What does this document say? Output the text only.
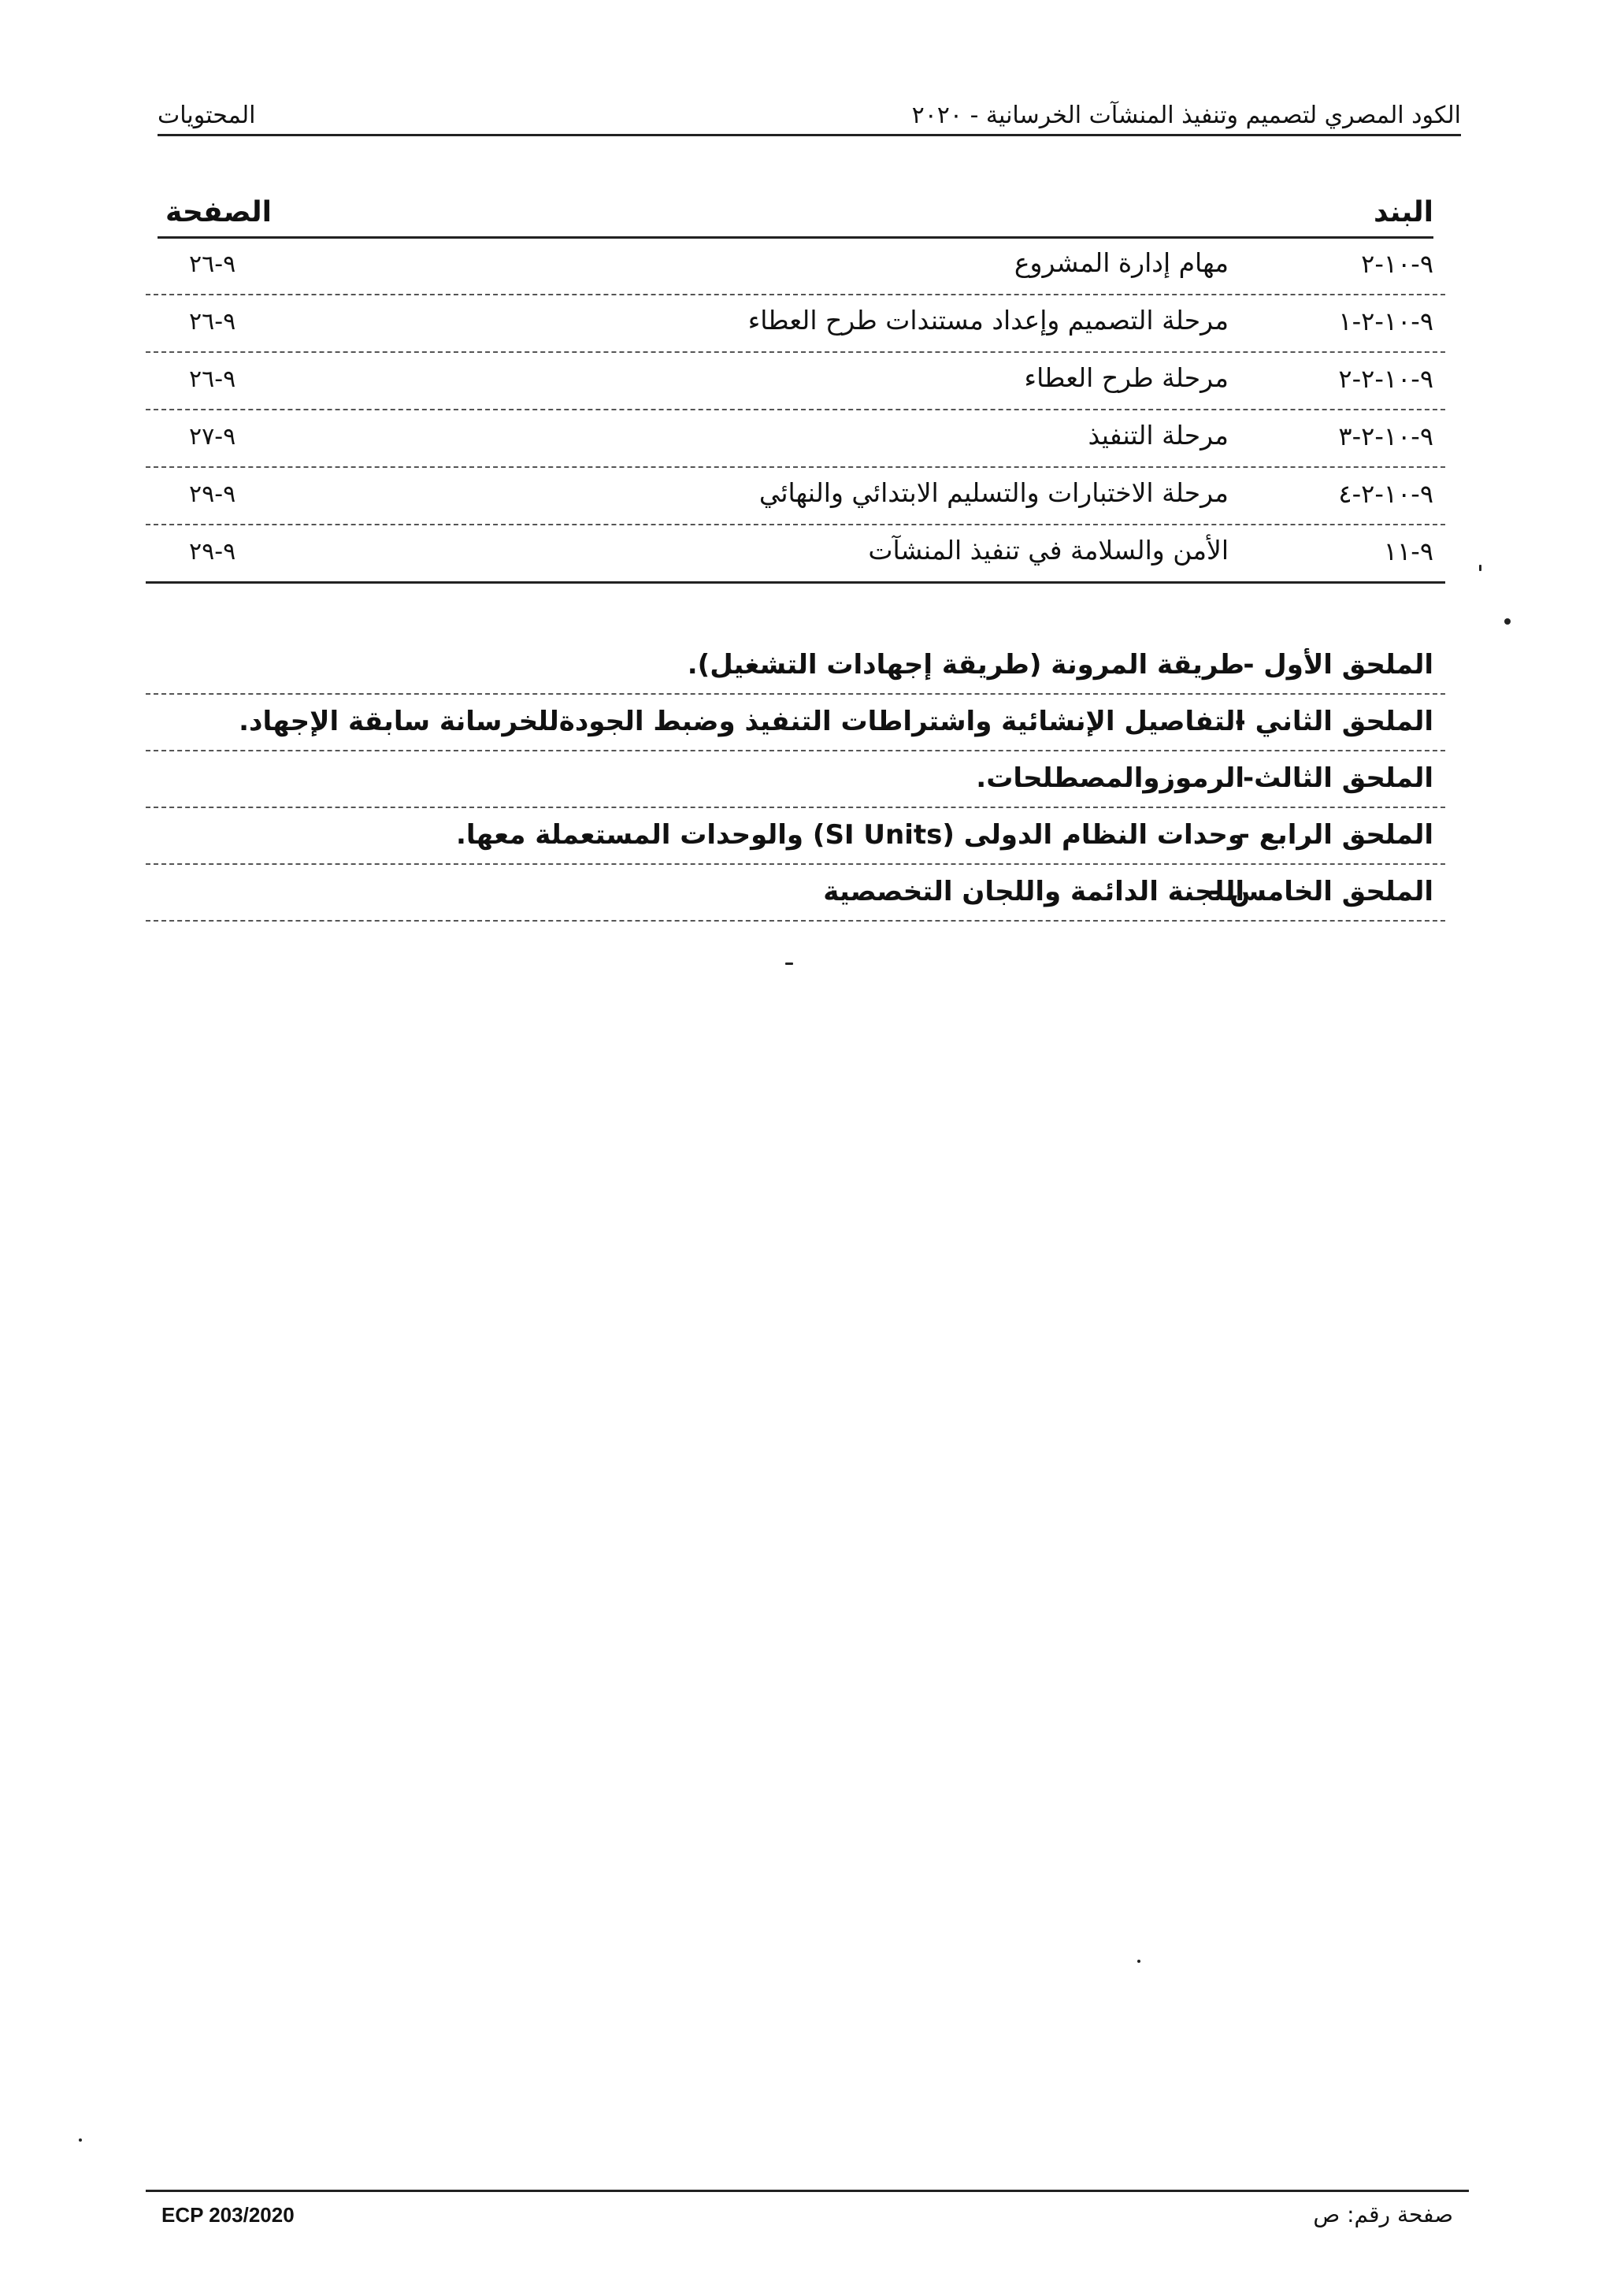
الكود المصري لتصميم وتنفيذ المنشآت الخرسانية - ٢٠٢٠
المحتويات
البند
الصفحة
٩-١٠-٢
مهام إدارة المشروع
٩-٢٦
٩-١٠-٢-١
مرحلة التصميم وإعداد مستندات طرح العطاء
٩-٢٦
٩-١٠-٢-٢
مرحلة طرح العطاء
٩-٢٦
٩-١٠-٢-٣
مرحلة التنفيذ
٩-٢٧
٩-١٠-٢-٤
مرحلة الاختبارات والتسليم الابتدائي والنهائي
٩-٢٩
٩-١١
الأمن والسلامة في تنفيذ المنشآت
٩-٢٩
الملحق الأول -
طريقة المرونة (طريقة إجهادات التشغيل).
الملحق الثاني -
التفاصيل الإنشائية واشتراطات التنفيذ وضبط الجودةللخرسانة سابقة الإجهاد.
الملحق الثالث-
الرموزوالمصطلحات.
الملحق الرابع -
وحدات النظام الدولى (SI Units) والوحدات المستعملة معها.
الملحق الخامس -
اللجنة الدائمة واللجان التخصصية
ECP 203/2020	صفحة رقم: ص
